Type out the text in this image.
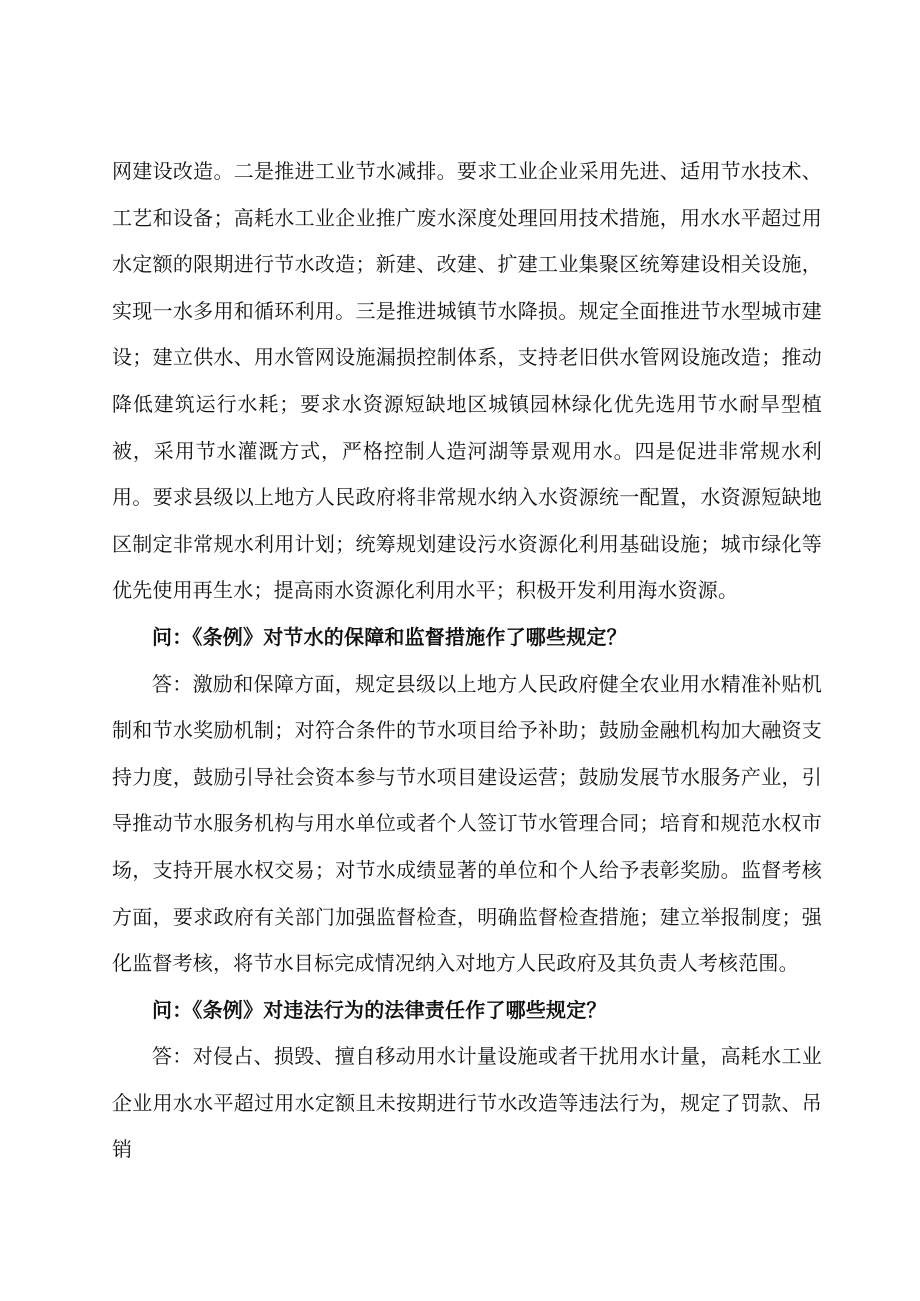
网建设改造。二是推进工业节水减排。要求工业企业采用先进、适用节水技术、工艺和设备；高耗水工业企业推广废水深度处理回用技术措施，用水水平超过用水定额的限期进行节水改造；新建、改建、扩建工业集聚区统筹建设相关设施，实现一水多用和循环利用。三是推进城镇节水降损。规定全面推进节水型城市建设；建立供水、用水管网设施漏损控制体系，支持老旧供水管网设施改造；推动降低建筑运行水耗；要求水资源短缺地区城镇园林绿化优先选用节水耐旱型植被，采用节水灌溉方式，严格控制人造河湖等景观用水。四是促进非常规水利用。要求县级以上地方人民政府将非常规水纳入水资源统一配置，水资源短缺地区制定非常规水利用计划；统筹规划建设污水资源化利用基础设施；城市绿化等优先使用再生水；提高雨水资源化利用水平；积极开发利用海水资源。

问：《条例》对节水的保障和监督措施作了哪些规定？

答：激励和保障方面，规定县级以上地方人民政府健全农业用水精准补贴机制和节水奖励机制；对符合条件的节水项目给予补助；鼓励金融机构加大融资支持力度，鼓励引导社会资本参与节水项目建设运营；鼓励发展节水服务产业，引导推动节水服务机构与用水单位或者个人签订节水管理合同；培育和规范水权市场，支持开展水权交易；对节水成绩显著的单位和个人给予表彰奖励。监督考核方面，要求政府有关部门加强监督检查，明确监督检查措施；建立举报制度；强化监督考核，将节水目标完成情况纳入对地方人民政府及其负责人考核范围。

问：《条例》对违法行为的法律责任作了哪些规定？

答：对侵占、损毁、擅自移动用水计量设施或者干扰用水计量，高耗水工业企业用水水平超过用水定额且未按期进行节水改造等违法行为，规定了罚款、吊销
